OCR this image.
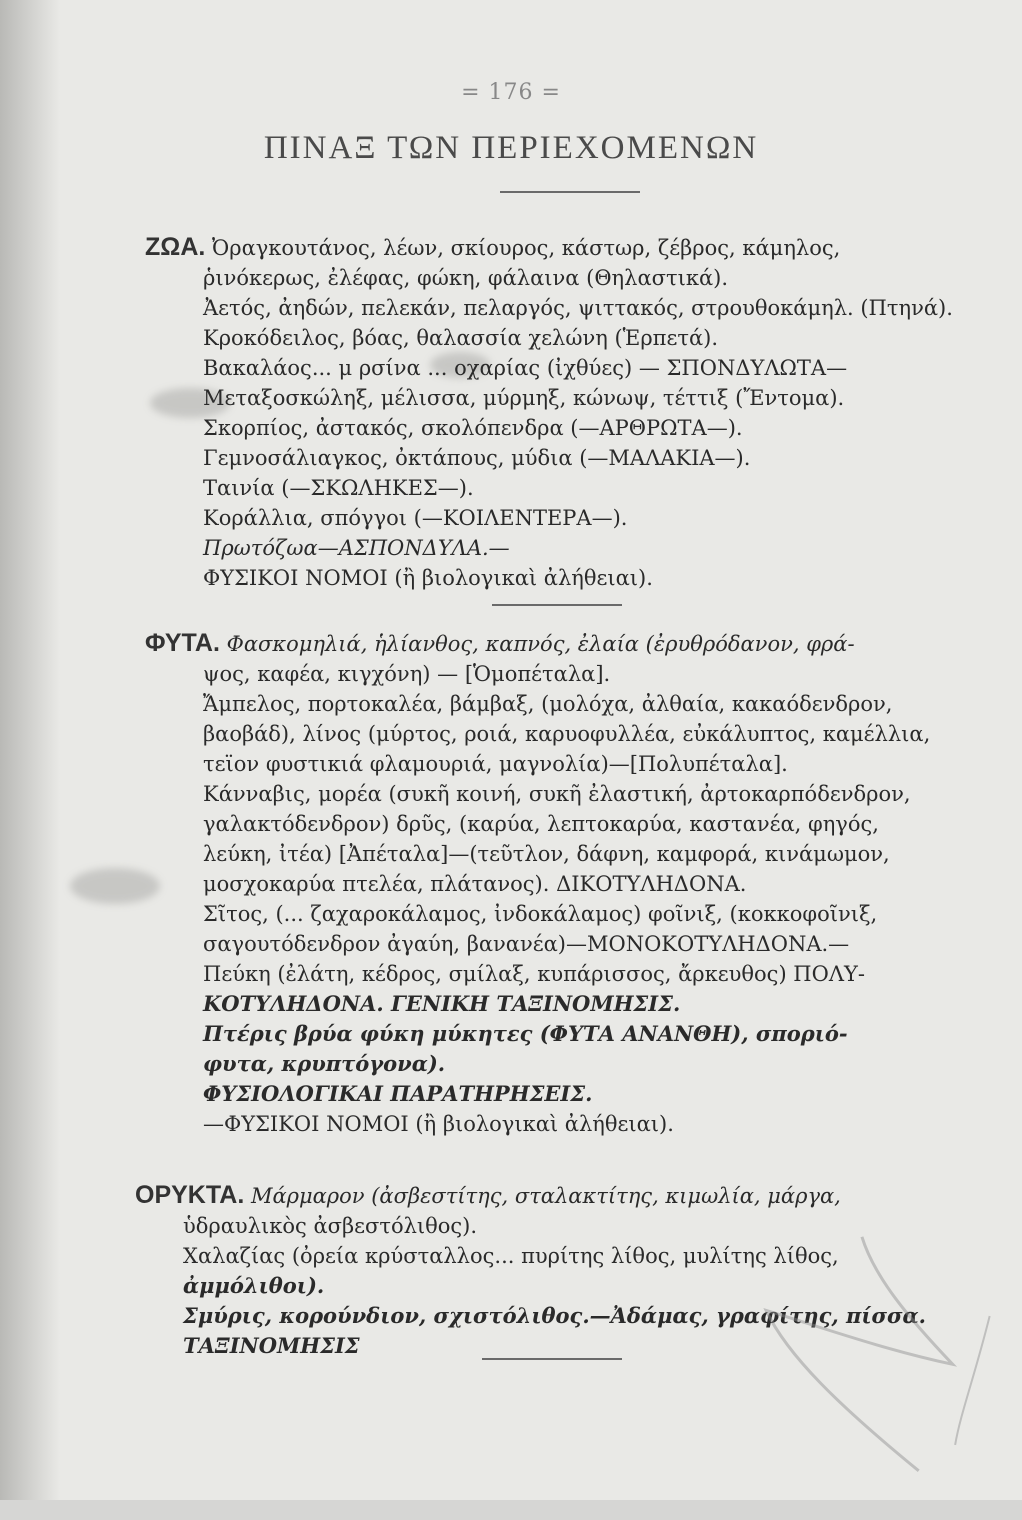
= 176 =
ΠΙΝΑΞ ΤΩΝ ΠΕΡΙΕΧΟΜΕΝΩΝ
ΖΩΑ. Ὀραγκουτάνος, λέων, σκίουρος, κάστωρ, ζέβρος, κάμηλος,
ῥινόκερως, ἐλέφας, φώκη, φάλαινα (Θηλαστικά).
Ἀετός, ἀηδών, πελεκάν, πελαργός, ψιττακός, στρουθοκάμηλ. (Πτηνά).
Κροκόδειλος, βόας, θαλασσία χελώνη (Ἑρπετά).
Βακαλάος... μ ρσίνα ... οχαρίας (ἰχθύες) — ΣΠΟΝΔΥΛΩΤΑ—
Μεταξοσκώληξ, μέλισσα, μύρμηξ, κώνωψ, τέττιξ (Ἔντομα).
Σκορπίος, ἀστακός, σκολόπενδρα (—ΑΡΘΡΩΤΑ—).
Γεμνοσάλιαγκος, ὀκτάπους, μύδια (—ΜΑΛΑΚΙΑ—).
Ταινία (—ΣΚΩΛΗΚΕΣ—).
Κοράλλια, σπόγγοι (—ΚΟΙΛΕΝΤΕΡΑ—).
Πρωτόζωα—ΑΣΠΟΝΔΥΛΑ.—
ΦΥΣΙΚΟΙ ΝΟΜΟΙ (ἢ βιολογικαὶ ἀλήθειαι).
ΦΥΤΑ. Φασκομηλιά, ἡλίανθος, καπνός, ἐλαία (ἐρυθρόδανον, φρά-
ψος, καφέα, κιγχόνη) — [Ὁμοπέταλα].
Ἄμπελος, πορτοκαλέα, βάμβαξ, (μολόχα, ἀλθαία, κακαόδενδρον,
βαοβάδ), λίνος (μύρτος, ροιά, καρυοφυλλέα, εὐκάλυπτος, καμέλλια,
τεϊον φυστικιά φλαμουριά, μαγνολία)—[Πολυπέταλα].
Κάνναβις, μορέα (συκῆ κοινή, συκῆ ἐλαστική, ἀρτοκαρπόδενδρον,
γαλακτόδενδρον) δρῦς, (καρύα, λεπτοκαρύα, καστανέα, φηγός,
λεύκη, ἰτέα) [Ἀπέταλα]—(τεῦτλον, δάφνη, καμφορά, κινάμωμον,
μοσχοκαρύα πτελέα, πλάτανος). ΔΙΚΟΤΥΛΗΔΟΝΑ.
Σῖτος, (... ζαχαροκάλαμος, ἰνδοκάλαμος) φοῖνιξ, (κοκκοφοῖνιξ,
σαγουτόδενδρον ἀγαύη, βανανέα)—ΜΟΝΟΚΟΤΥΛΗΔΟΝΑ.—
Πεύκη (ἐλάτη, κέδρος, σμίλαξ, κυπάρισσος, ἄρκευθος) ΠΟΛΥ-
ΚΟΤΥΛΗΔΟΝΑ. ΓΕΝΙΚΗ ΤΑΞΙΝΟΜΗΣΙΣ.
Πτέρις βρύα φύκη μύκητες (ΦΥΤΑ ΑΝΑΝΘΗ), σποριό-
φυτα, κρυπτόγονα).
ΦΥΣΙΟΛΟΓΙΚΑΙ ΠΑΡΑΤΗΡΗΣΕΙΣ.
—ΦΥΣΙΚΟΙ ΝΟΜΟΙ (ἢ βιολογικαὶ ἀλήθειαι).
ΟΡΥΚΤΑ. Μάρμαρον (ἀσβεστίτης, σταλακτίτης, κιμωλία, μάργα,
ὑδραυλικὸς ἀσβεστόλιθος).
Χαλαζίας (ὀρεία κρύσταλλος... πυρίτης λίθος, μυλίτης λίθος,
ἀμμόλιθοι).
Σμύρις, κορούνδιον, σχιστόλιθος.—Ἀδάμας, γραφίτης, πίσσα.
ΤΑΞΙΝΟΜΗΣΙΣ
